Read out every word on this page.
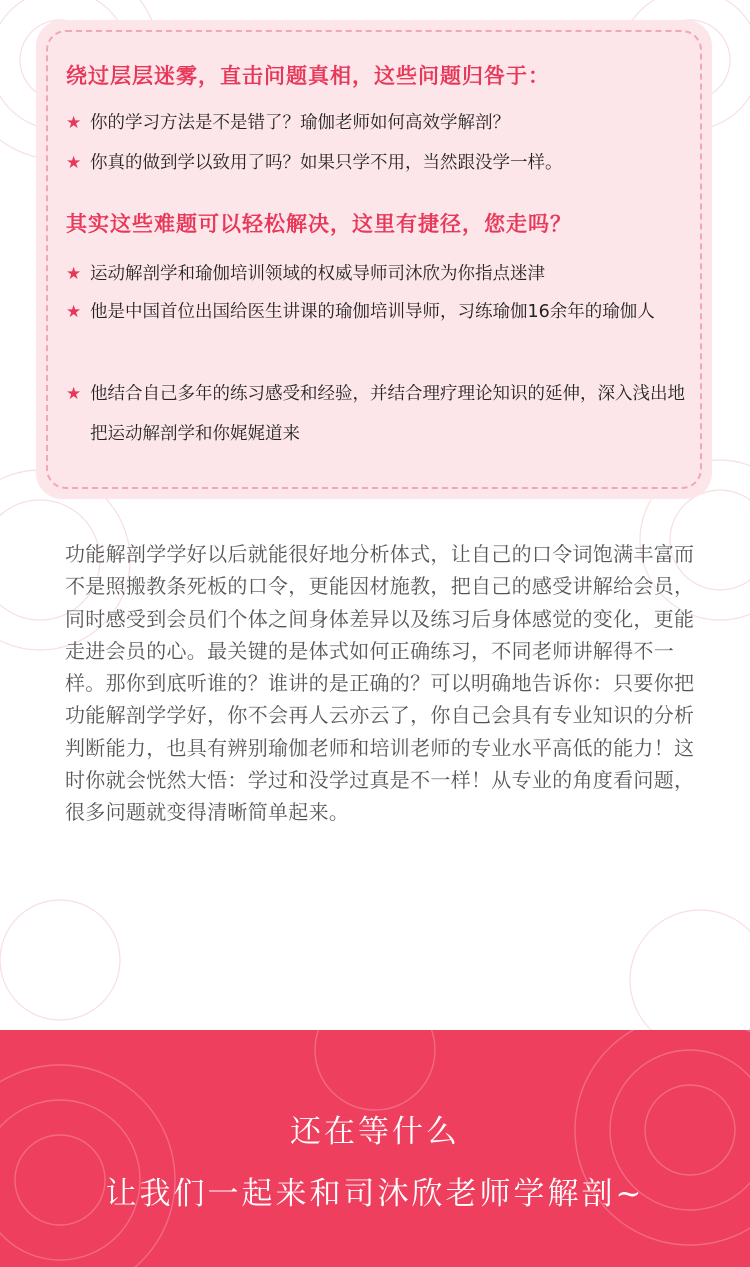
绕过层层迷雾，直击问题真相，这些问题归咎于：
★ 你的学习方法是不是错了？瑜伽老师如何高效学解剖？
★ 你真的做到学以致用了吗？如果只学不用，当然跟没学一样。
其实这些难题可以轻松解决，这里有捷径，您走吗？
★ 运动解剖学和瑜伽培训领域的权威导师司沐欣为你指点迷津
★ 他是中国首位出国给医生讲课的瑜伽培训导师，习练瑜伽16余年的瑜伽人
★ 他结合自己多年的练习感受和经验，并结合理疗理论知识的延伸，深入浅出地把运动解剖学和你娓娓道来

功能解剖学学好以后就能很好地分析体式，让自己的口令词饱满丰富而不是照搬教条死板的口令，更能因材施教，把自己的感受讲解给会员，同时感受到会员们个体之间身体差异以及练习后身体感觉的变化，更能走进会员的心。最关键的是体式如何正确练习，不同老师讲解得不一样。那你到底听谁的？谁讲的是正确的？可以明确地告诉你：只要你把功能解剖学学好，你不会再人云亦云了，你自己会具有专业知识的分析判断能力，也具有辨别瑜伽老师和培训老师的专业水平高低的能力！这时你就会恍然大悟：学过和没学过真是不一样！从专业的角度看问题，很多问题就变得清晰简单起来。

还在等什么
让我们一起来和司沐欣老师学解剖~
